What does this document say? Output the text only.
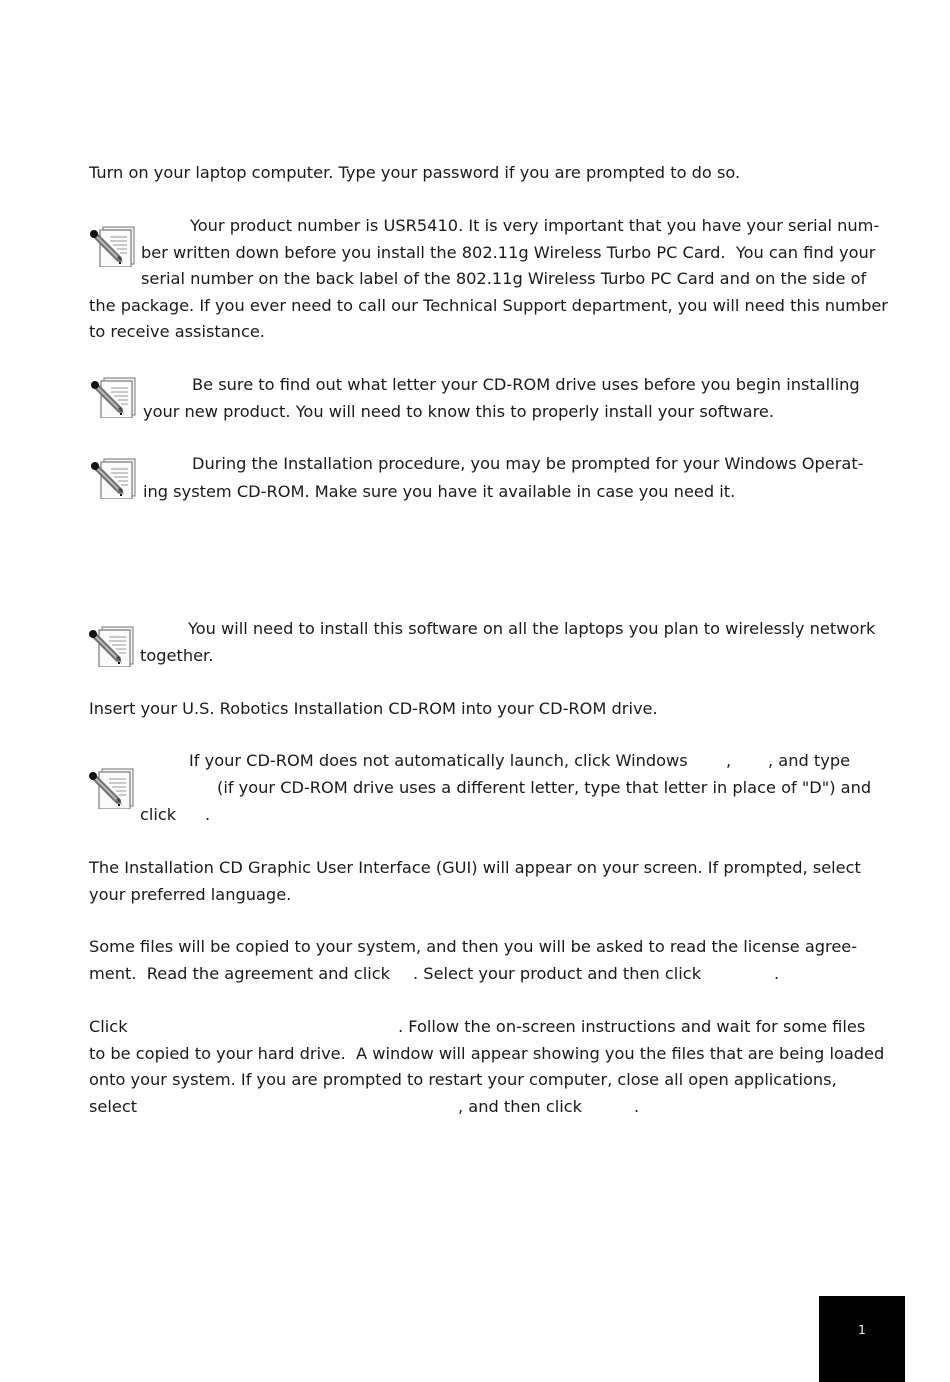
Turn on your laptop computer. Type your password if you are prompted to do so.
Your product number is USR5410. It is very important that you have your serial num-
ber written down before you install the 802.11g Wireless Turbo PC Card.  You can find your
serial number on the back label of the 802.11g Wireless Turbo PC Card and on the side of
the package. If you ever need to call our Technical Support department, you will need this number
to receive assistance.
Be sure to find out what letter your CD-ROM drive uses before you begin installing
your new product. You will need to know this to properly install your software.
During the Installation procedure, you may be prompted for your Windows Operat-
ing system CD-ROM. Make sure you have it available in case you need it.
You will need to install this software on all the laptops you plan to wirelessly network
together.
Insert your U.S. Robotics Installation CD-ROM into your CD-ROM drive.
If your CD-ROM does not automatically launch, click Windows , , and type
(if your CD-ROM drive uses a different letter, type that letter in place of "D") and
click .
The Installation CD Graphic User Interface (GUI) will appear on your screen. If prompted, select
your preferred language.
Some files will be copied to your system, and then you will be asked to read the license agree-
ment.  Read the agreement and click . Select your product and then click	.
Click	. Follow the on-screen instructions and wait for some files
to be copied to your hard drive.  A window will appear showing you the files that are being loaded
onto your system. If you are prompted to restart your computer, close all open applications,
select	, and then click	.
1
